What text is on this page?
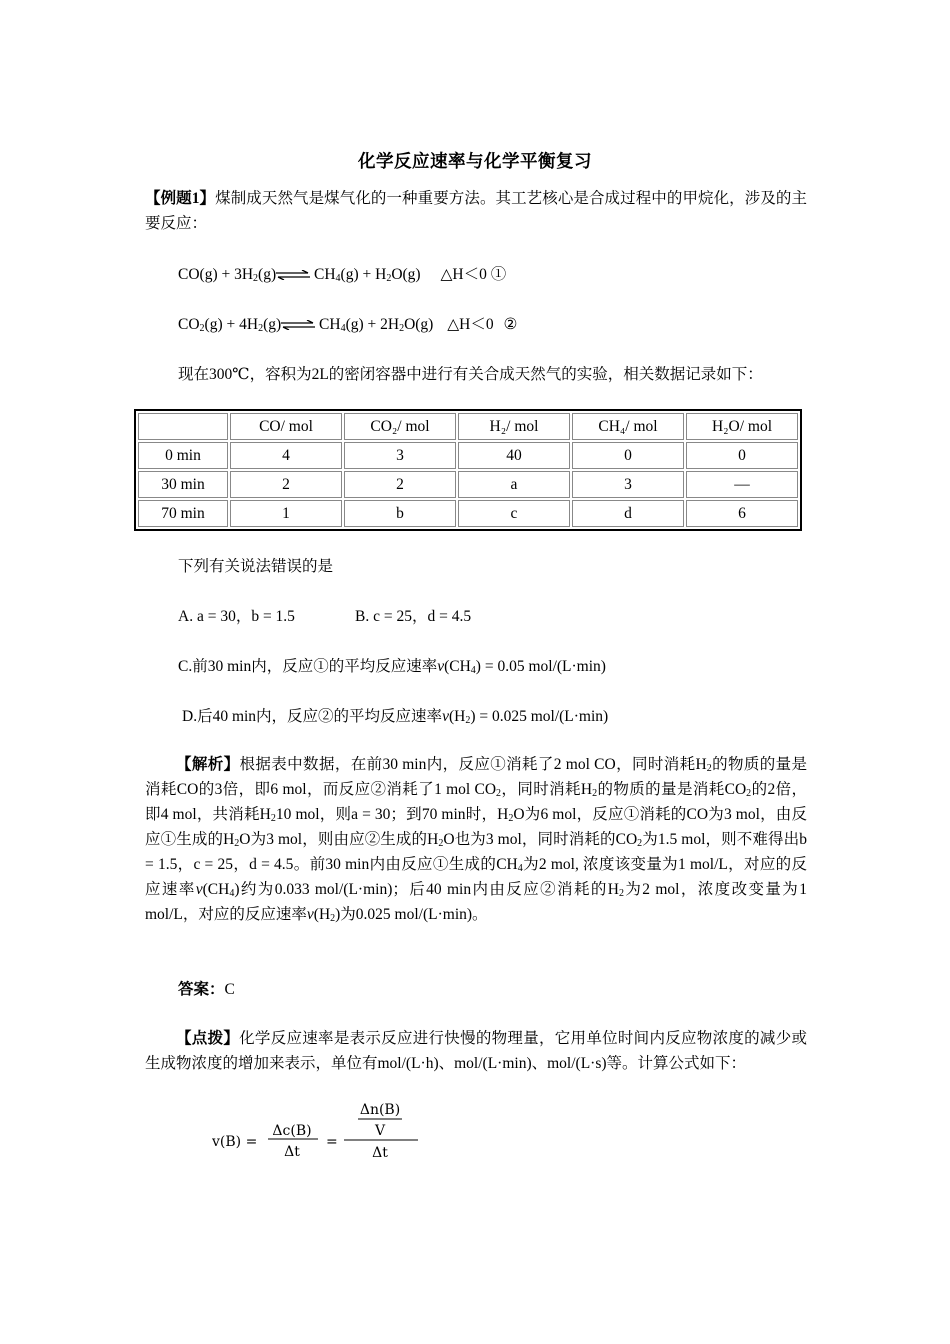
化学反应速率与化学平衡复习
【例题1】煤制成天然气是煤气化的一种重要方法。其工艺核心是合成过程中的甲烷化，涉及的主要反应：
$CO(g) + 3H_2(g)\rightleftharpoons$ $CH_4(g) + H_2O(g)$ △H＜0 ①
$CO_2(g)$ + $4H_2(g)\rightleftharpoons$ $CH_4(g) + 2H_2O(g)$ △H＜0 ②
现在300℃，容积为2L的密闭容器中进行有关合成天然气的实验，相关数据记录如下：
	CO/ mol	CO₂/ mol	H₂/ mol	CH₄/ mol	H₂O/ mol
0 min	4	3	40	0	0
30 min	2	2	a	3	—
70 min	1	b	c	d	6
下列有关说法错误的是
A. a = 30，b = 1.5	B. c = 25，d = 4.5
C.前30 min内，反应①的平均反应速率$v(CH_4) = 0.05$ mol/(L·min)
D.后40 min内，反应②的平均反应速率$v(H_2) = 0.025$ mol/(L·min)
【解析】根据表中数据，在前30 min内，反应①消耗了2 mol CO，同时消耗$H_2$的物质的量是消耗CO的3倍，即6 mol，而反应②消耗了1 mol $CO_2$，同时消耗$H_2$的物质的量是消耗$CO_2$的2倍，即4 mol，共消耗$H_210$ mol，则a = 30；到70 min时，$H_2O$为6 mol，反应①消耗的CO为3 mol，由反应①生成的$H_2O$为3 mol，则由应②生成的$H_2O$也为3 mol，同时消耗的$CO_2$为1.5 mol，则不难得出b = 1.5，c = 25，d = 4.5。前30 min内由反应①生成的$CH_4$为2 mol, 浓度该变量为1 mol/L，对应的反应速率$v(CH_4)$约为0.033 mol/(L·min)；后40 min内由反应②消耗的$H_2$为2 mol，浓度改变量为1 mol/L，对应的反应速率$v(H_2)$为0.025 mol/(L·min)。
答案：C
【点拨】化学反应速率是表示反应进行快慢的物理量，它用单位时间内反应物浓度的减少或生成物浓度的增加来表示，单位有mol/(L·h)、mol/(L·min)、mol/(L·s)等。计算公式如下：
v(B) =
Δc(B)
Δt
=
Δn(B)
V
Δt
